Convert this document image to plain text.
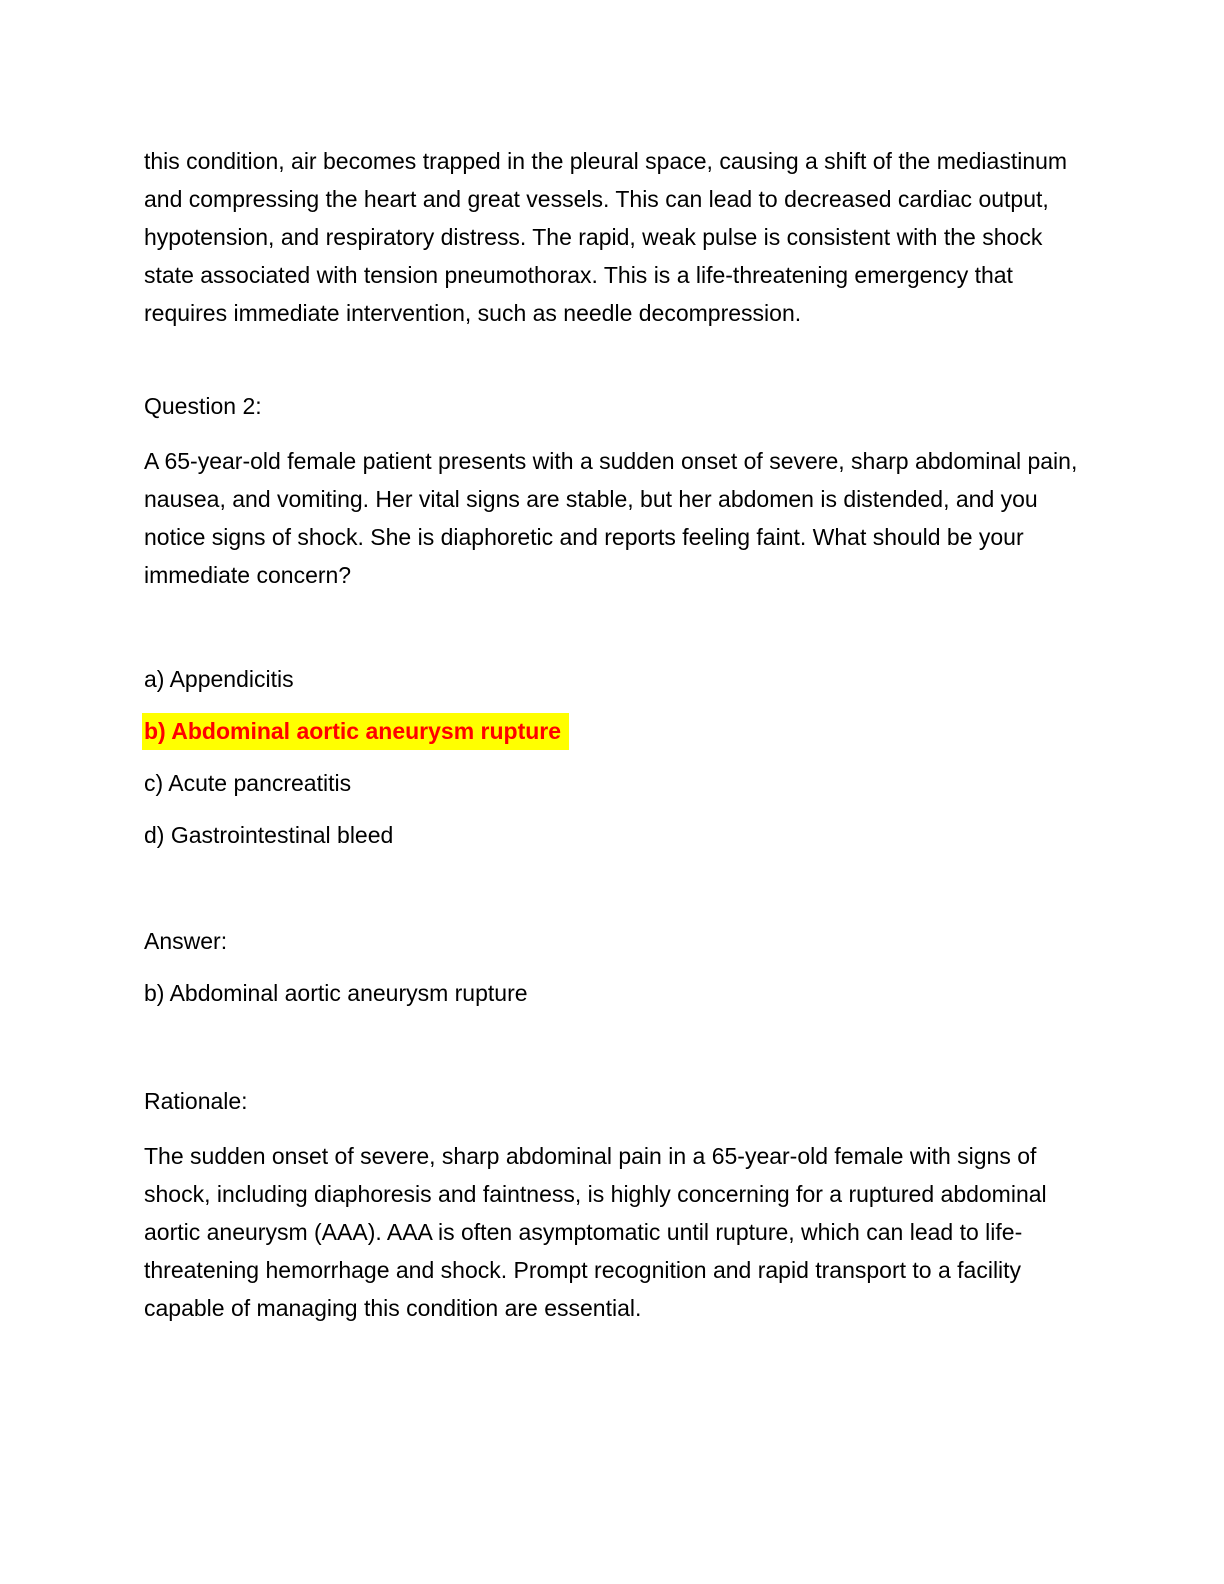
this condition, air becomes trapped in the pleural space, causing a shift of the mediastinum and compressing the heart and great vessels. This can lead to decreased cardiac output, hypotension, and respiratory distress. The rapid, weak pulse is consistent with the shock state associated with tension pneumothorax. This is a life-threatening emergency that requires immediate intervention, such as needle decompression.

Question 2:

A 65-year-old female patient presents with a sudden onset of severe, sharp abdominal pain, nausea, and vomiting. Her vital signs are stable, but her abdomen is distended, and you notice signs of shock. She is diaphoretic and reports feeling faint. What should be your immediate concern?

a) Appendicitis

b) Abdominal aortic aneurysm rupture

c) Acute pancreatitis

d) Gastrointestinal bleed

Answer:

b) Abdominal aortic aneurysm rupture

Rationale:

The sudden onset of severe, sharp abdominal pain in a 65-year-old female with signs of shock, including diaphoresis and faintness, is highly concerning for a ruptured abdominal aortic aneurysm (AAA). AAA is often asymptomatic until rupture, which can lead to life-threatening hemorrhage and shock. Prompt recognition and rapid transport to a facility capable of managing this condition are essential.
